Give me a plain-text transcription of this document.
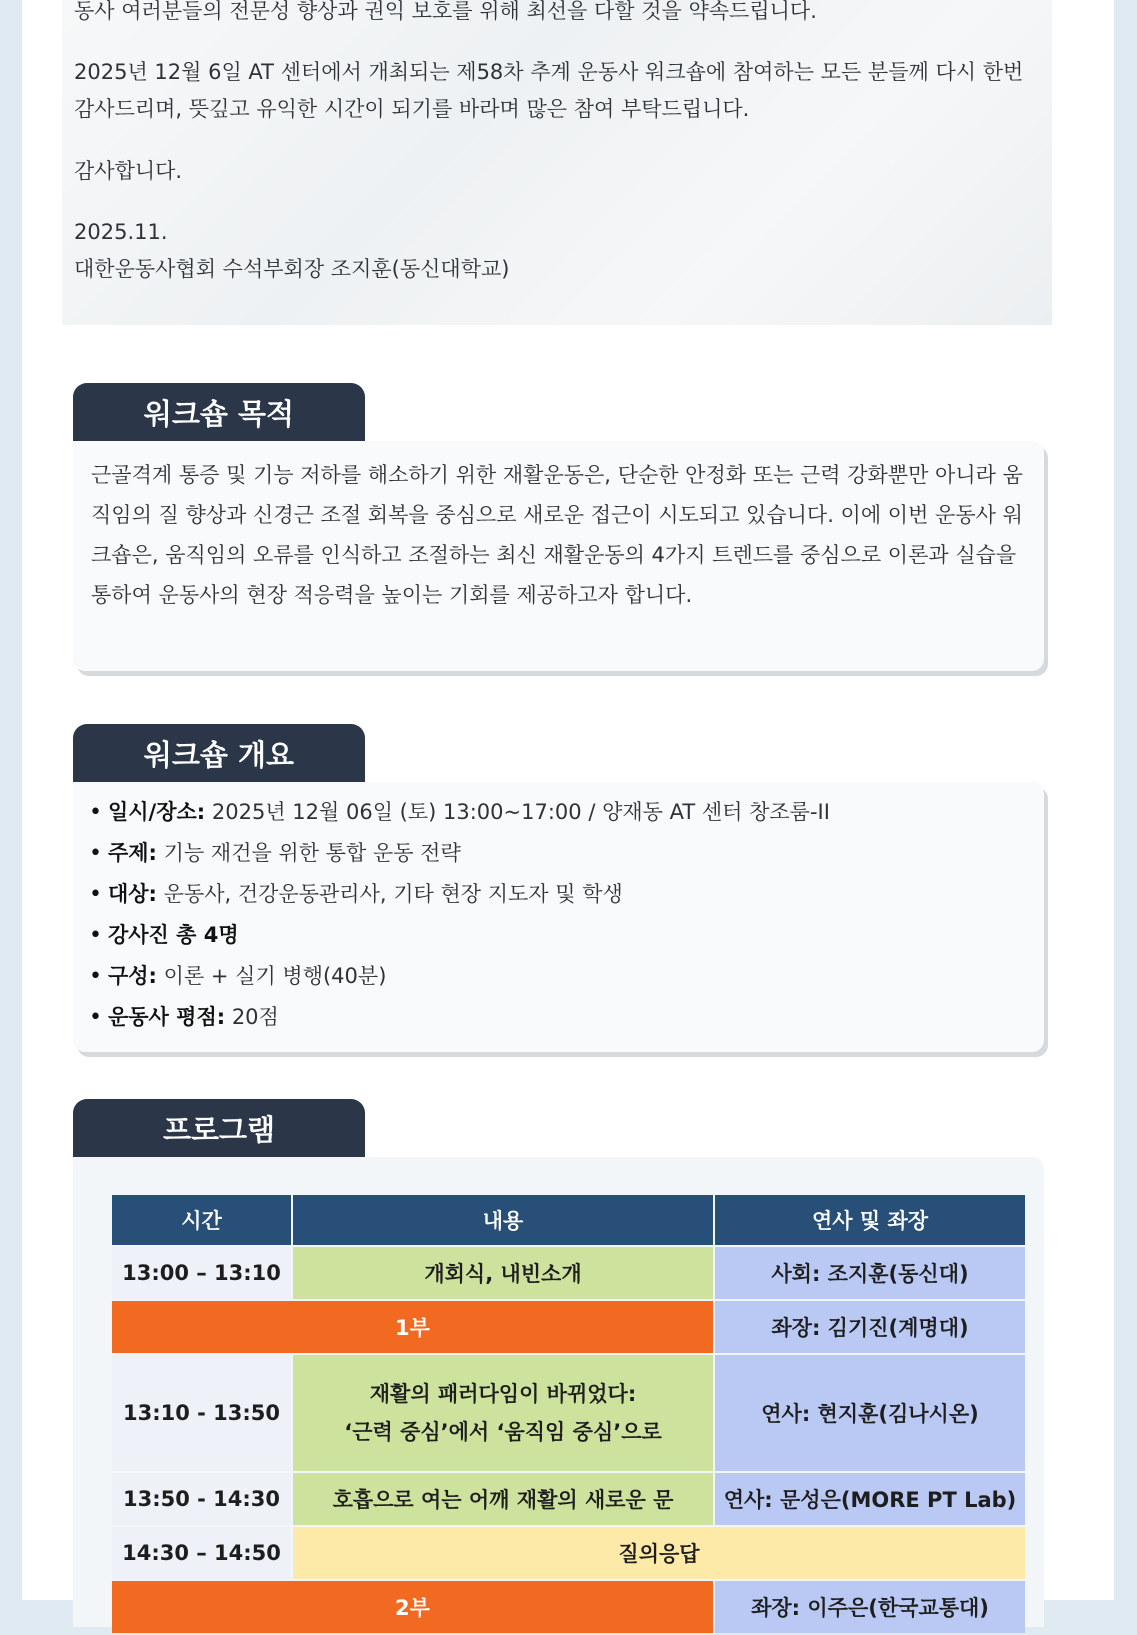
동사 여러분들의 전문성 향상과 권익 보호를 위해 최선을 다할 것을 약속드립니다.

2025년 12월 6일 AT 센터에서 개최되는 제58차 추계 운동사 워크숍에 참여하는 모든 분들께 다시 한번 감사드리며, 뜻깊고 유익한 시간이 되기를 바라며 많은 참여 부탁드립니다.

감사합니다.

2025.11.

대한운동사협회 수석부회장 조지훈(동신대학교)

워크숍 목적

근골격계 통증 및 기능 저하를 해소하기 위한 재활운동은, 단순한 안정화 또는 근력 강화뿐만 아니라 움직임의 질 향상과 신경근 조절 회복을 중심으로 새로운 접근이 시도되고 있습니다. 이에 이번 운동사 워크숍은, 움직임의 오류를 인식하고 조절하는 최신 재활운동의 4가지 트렌드를 중심으로 이론과 실습을 통하여 운동사의 현장 적응력을 높이는 기회를 제공하고자 합니다.

워크숍 개요
• 일시/장소: 2025년 12월 06일 (토) 13:00~17:00 / 양재동 AT 센터 창조룸-II
• 주제: 기능 재건을 위한 통합 운동 전략
• 대상: 운동사, 건강운동관리사, 기타 현장 지도자 및 학생
• 강사진 총 4명
• 구성: 이론 + 실기 병행(40분)
• 운동사 평점: 20점
프로그램
시간	내용	연사 및 좌장
13:00 – 13:10	개회식, 내빈소개	사회: 조지훈(동신대)
1부		좌장: 김기진(계명대)
13:10 - 13:50	재활의 패러다임이 바뀌었다:
‘근력 중심’에서 ‘움직임 중심’으로	연사: 현지훈(김나시온)
13:50 - 14:30	호흡으로 여는 어깨 재활의 새로운 문	연사: 문성은(MORE PT Lab)
14:30 – 14:50	질의응답	
2부		좌장: 이주은(한국교통대)
